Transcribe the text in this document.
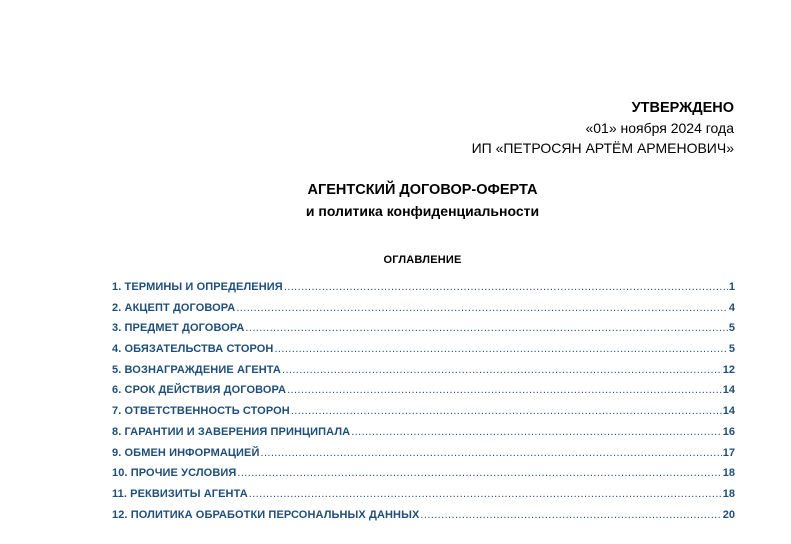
УТВЕРЖДЕНО
«01» ноября 2024 года
ИП «ПЕТРОСЯН АРТЁМ АРМЕНОВИЧ»
АГЕНТСКИЙ ДОГОВОР-ОФЕРТА
и политика конфиденциальности
ОГЛАВЛЕНИЕ
1. ТЕРМИНЫ И ОПРЕДЕЛЕНИЯ .....	1
2. АКЦЕПТ ДОГОВОРА .....	4
3. ПРЕДМЕТ ДОГОВОРА .....	5
4. ОБЯЗАТЕЛЬСТВА СТОРОН .....	5
5. ВОЗНАГРАЖДЕНИЕ АГЕНТА .....	12
6. СРОК ДЕЙСТВИЯ ДОГОВОРА .....	14
7. ОТВЕТСТВЕННОСТЬ СТОРОН .....	14
8. ГАРАНТИИ И ЗАВЕРЕНИЯ ПРИНЦИПАЛА .....	16
9. ОБМЕН ИНФОРМАЦИЕЙ .....	17
10. ПРОЧИЕ УСЛОВИЯ .....	18
11. РЕКВИЗИТЫ АГЕНТА .....	18
12. ПОЛИТИКА ОБРАБОТКИ ПЕРСОНАЛЬНЫХ ДАННЫХ .....	20
